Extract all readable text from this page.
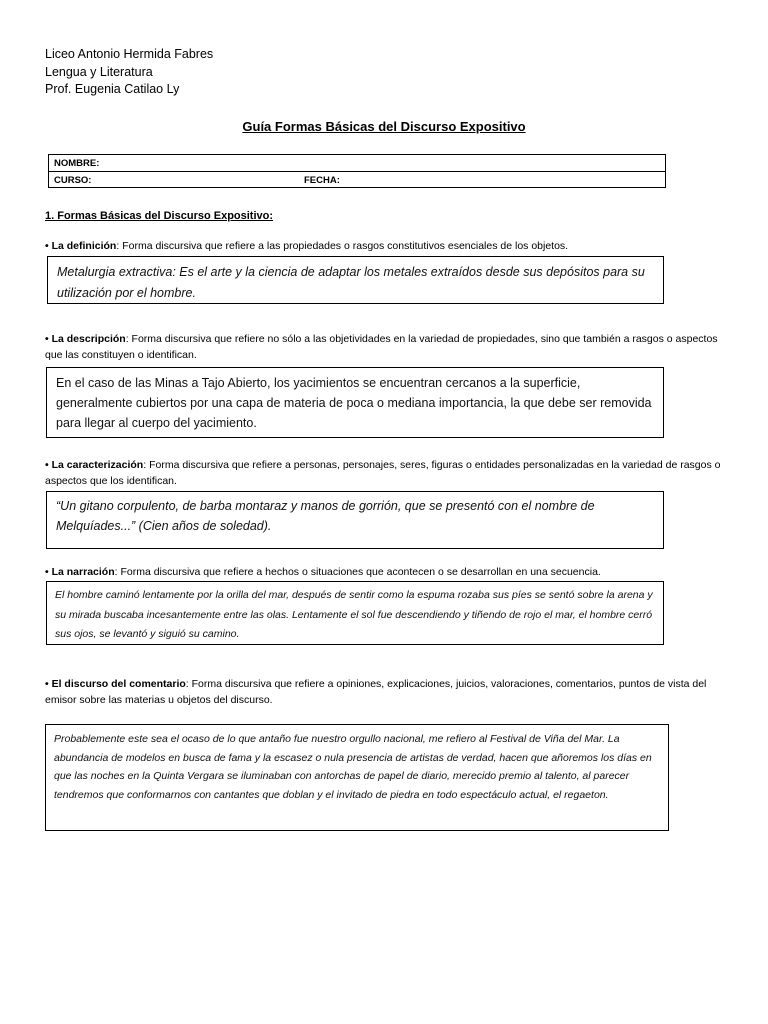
Liceo Antonio Hermida Fabres
Lengua y Literatura
Prof. Eugenia Catilao Ly
Guía Formas Básicas del Discurso Expositivo
NOMBRE:
CURSO:	FECHA:
1. Formas Básicas del Discurso Expositivo:
• La definición: Forma discursiva que refiere a las propiedades o rasgos constitutivos esenciales de los objetos.

Metalurgia extractiva: Es el arte y la ciencia de adaptar los metales extraídos desde sus depósitos para su utilización por el hombre.

• La descripción: Forma discursiva que refiere no sólo a las objetividades en la variedad de propiedades, sino que también a rasgos o aspectos que las constituyen o identifican.

En el caso de las Minas a Tajo Abierto, los yacimientos se encuentran cercanos a la superficie, generalmente cubiertos por una capa de materia de poca o mediana importancia, la que debe ser removida para llegar al cuerpo del yacimiento.

• La caracterización: Forma discursiva que refiere a personas, personajes, seres, figuras o entidades personalizadas en la variedad de rasgos o aspectos que los identifican.

“Un gitano corpulento, de barba montaraz y manos de gorrión, que se presentó con el nombre de Melquíades...” (Cien años de soledad).

• La narración: Forma discursiva que refiere a hechos o situaciones que acontecen o se desarrollan en una secuencia.

El hombre caminó lentamente por la orilla del mar, después de sentir como la espuma rozaba sus píes se sentó sobre la arena y su mirada buscaba incesantemente entre las olas. Lentamente el sol fue descendiendo y tiñendo de rojo el mar, el hombre cerró sus ojos, se levantó y siguió su camino.

• El discurso del comentario: Forma discursiva que refiere a opiniones, explicaciones, juicios, valoraciones, comentarios, puntos de vista del emisor sobre las materias u objetos del discurso.

Probablemente este sea el ocaso de lo que antaño fue nuestro orgullo nacional, me refiero al Festival de Viña del Mar. La abundancia de modelos en busca de fama y la escasez o nula presencia de artistas de verdad, hacen que añoremos los días en que las noches en la Quinta Vergara se iluminaban con antorchas de papel de diario, merecido premio al talento, al parecer tendremos que conformarnos con cantantes que doblan y el invitado de piedra en todo espectáculo actual, el regaeton.
